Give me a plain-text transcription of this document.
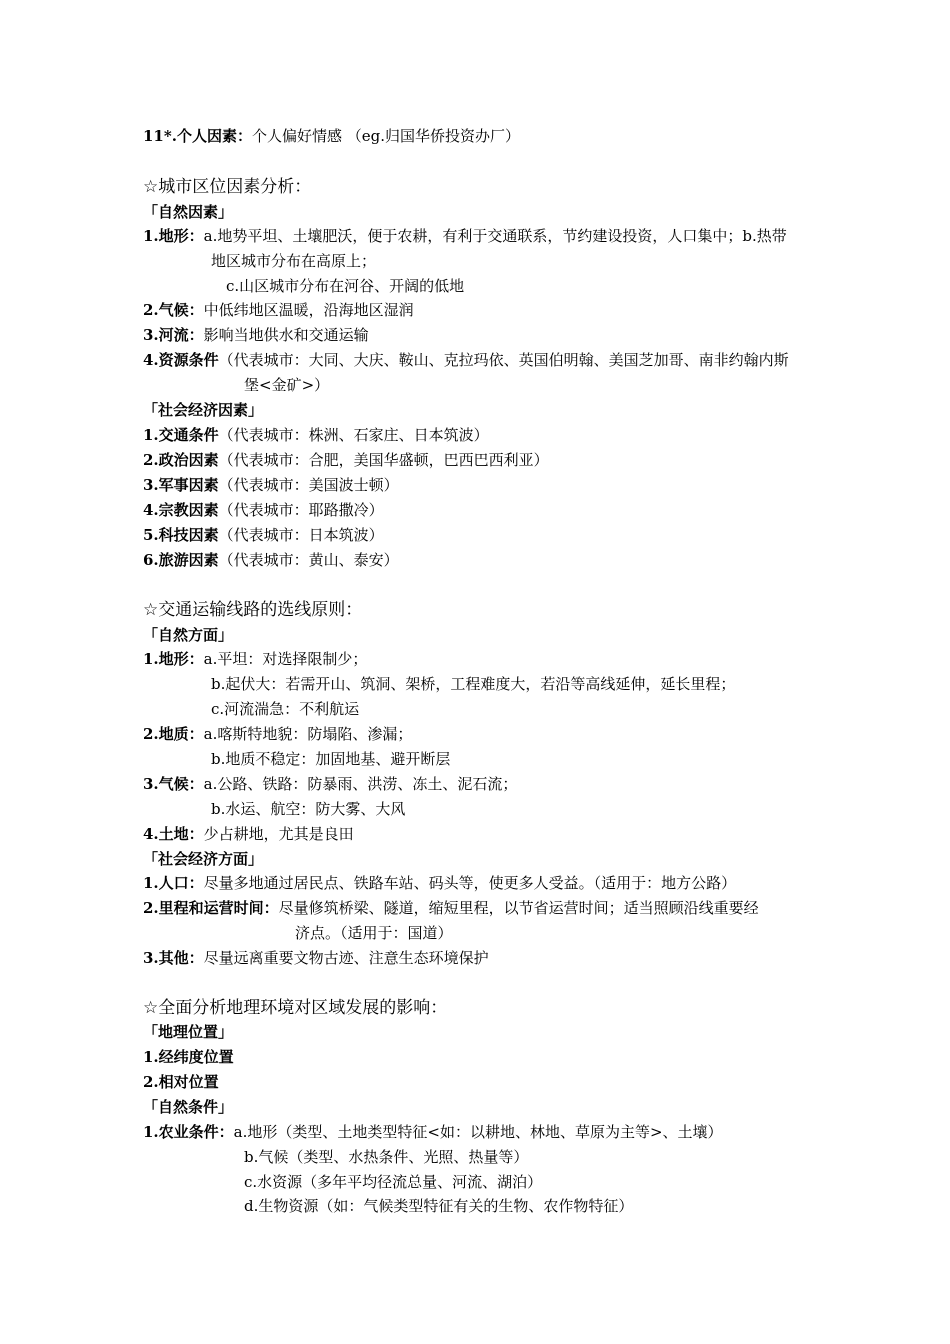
11*.个人因素：个人偏好情感 （eg.归国华侨投资办厂）
☆城市区位因素分析：
「自然因素」
1.地形：a.地势平坦、土壤肥沃，便于农耕，有利于交通联系，节约建设投资，人口集中；b.热带
地区城市分布在高原上；
c.山区城市分布在河谷、开阔的低地
2.气候：中低纬地区温暖，沿海地区湿润
3.河流：影响当地供水和交通运输
4.资源条件（代表城市：大同、大庆、鞍山、克拉玛依、英国伯明翰、美国芝加哥、南非约翰内斯
堡<金矿>）
「社会经济因素」
1.交通条件（代表城市：株洲、石家庄、日本筑波）
2.政治因素（代表城市：合肥，美国华盛顿，巴西巴西利亚）
3.军事因素（代表城市：美国波士顿）
4.宗教因素（代表城市：耶路撒冷）
5.科技因素（代表城市：日本筑波）
6.旅游因素（代表城市：黄山、泰安）
☆交通运输线路的选线原则：
「自然方面」
1.地形：a.平坦：对选择限制少；
b.起伏大：若需开山、筑洞、架桥，工程难度大，若沿等高线延伸，延长里程；
c.河流湍急：不利航运
2.地质：a.喀斯特地貌：防塌陷、渗漏；
b.地质不稳定：加固地基、避开断层
3.气候：a.公路、铁路：防暴雨、洪涝、冻土、泥石流；
b.水运、航空：防大雾、大风
4.土地：少占耕地，尤其是良田
「社会经济方面」
1.人口：尽量多地通过居民点、铁路车站、码头等，使更多人受益。（适用于：地方公路）
2.里程和运营时间：尽量修筑桥梁、隧道，缩短里程，以节省运营时间；适当照顾沿线重要经
济点。（适用于：国道）
3.其他：尽量远离重要文物古迹、注意生态环境保护
☆全面分析地理环境对区域发展的影响：
「地理位置」
1.经纬度位置
2.相对位置
「自然条件」
1.农业条件：a.地形（类型、土地类型特征<如：以耕地、林地、草原为主等>、土壤）
b.气候（类型、水热条件、光照、热量等）
c.水资源（多年平均径流总量、河流、湖泊）
d.生物资源（如：气候类型特征有关的生物、农作物特征）
